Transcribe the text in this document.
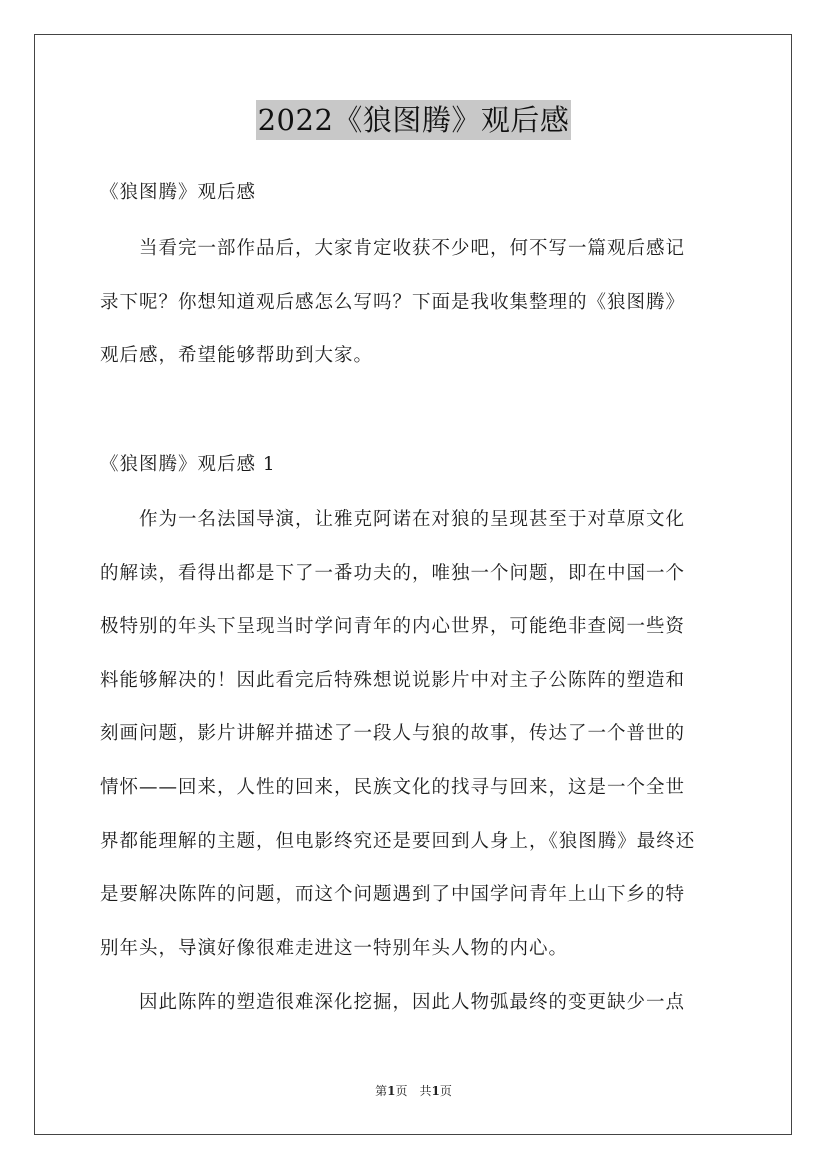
2022《狼图腾》观后感
《狼图腾》观后感
　　当看完一部作品后，大家肯定收获不少吧，何不写一篇观后感记
录下呢？你想知道观后感怎么写吗？下面是我收集整理的《狼图腾》
观后感，希望能够帮助到大家。
《狼图腾》观后感 1
　　作为一名法国导演，让雅克阿诺在对狼的呈现甚至于对草原文化
的解读，看得出都是下了一番功夫的，唯独一个问题，即在中国一个
极特别的年头下呈现当时学问青年的内心世界，可能绝非查阅一些资
料能够解决的！因此看完后特殊想说说影片中对主子公陈阵的塑造和
刻画问题，影片讲解并描述了一段人与狼的故事，传达了一个普世的
情怀——回来，人性的回来，民族文化的找寻与回来，这是一个全世
界都能理解的主题，但电影终究还是要回到人身上，《狼图腾》最终还
是要解决陈阵的问题，而这个问题遇到了中国学问青年上山下乡的特
别年头，导演好像很难走进这一特别年头人物的内心。
　　因此陈阵的塑造很难深化挖掘，因此人物弧最终的变更缺少一点
第1页　共1页
